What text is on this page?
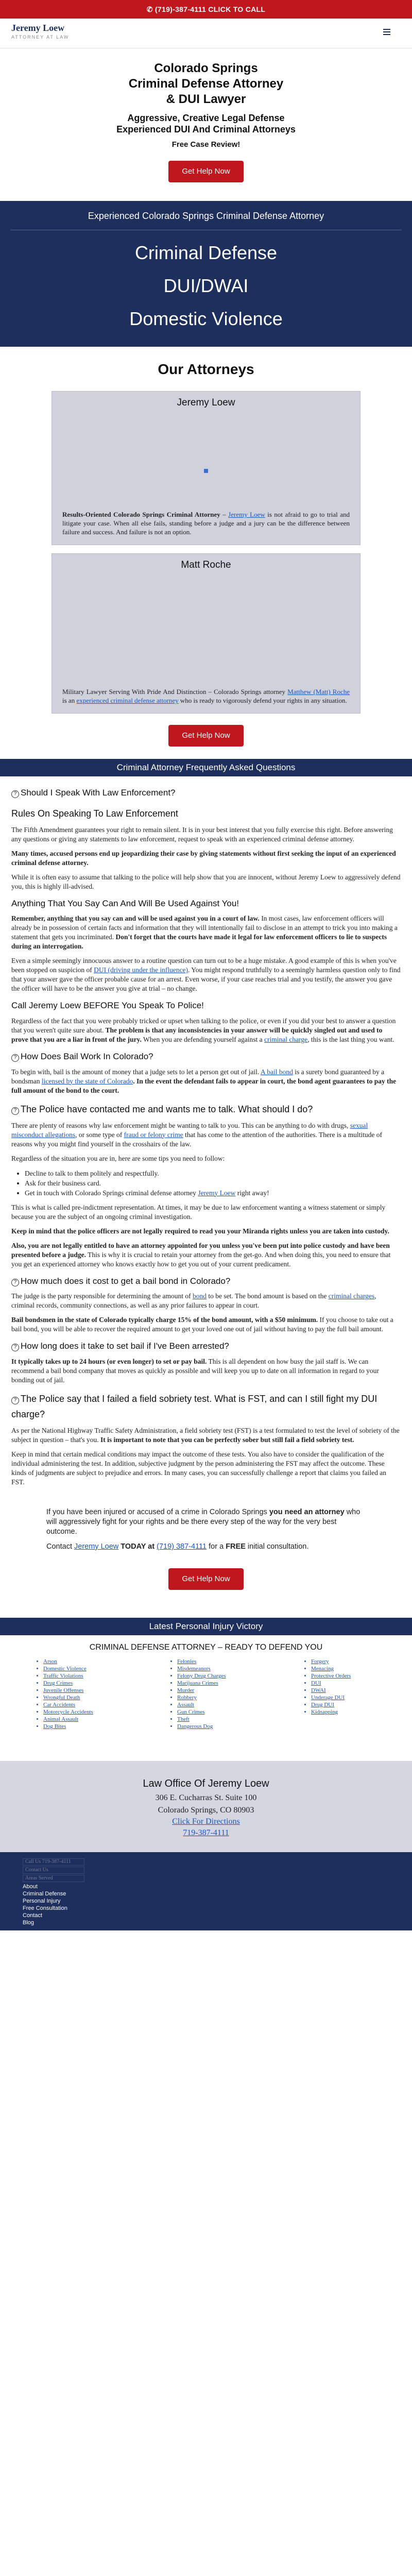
✆ (719)-387-4111 CLICK TO CALL
Jeremy Loew
ATTORNEY AT LAW
Colorado Springs
Criminal Defense Attorney
& DUI Lawyer
Aggressive, Creative Legal Defense
Experienced DUI And Criminal Attorneys
Free Case Review!
Get Help Now
Experienced Colorado Springs Criminal Defense Attorney
Criminal Defense
DUI/DWAI
Domestic Violence
Our Attorneys
Jeremy Loew

Results-Oriented Colorado Springs Criminal Attorney – Jeremy Loew is not afraid to go to trial and litigate your case. When all else fails, standing before a judge and a jury can be the difference between failure and success. And failure is not an option.

Matt Roche

Military Lawyer Serving With Pride And Distinction – Colorado Springs attorney Matthew (Matt) Roche is an experienced criminal defense attorney who is ready to vigorously defend your rights in any situation.

Get Help Now
Criminal Attorney Frequently Asked Questions
? Should I Speak With Law Enforcement?
Rules On Speaking To Law Enforcement

The Fifth Amendment guarantees your right to remain silent. It is in your best interest that you fully exercise this right. Before answering any questions or giving any statements to law enforcement, request to speak with an experienced criminal defense attorney.

Many times, accused persons end up jeopardizing their case by giving statements without first seeking the input of an experienced criminal defense attorney.

While it is often easy to assume that talking to the police will help show that you are innocent, without Jeremy Loew to aggressively defend you, this is highly ill-advised.

Anything That You Say Can And Will Be Used Against You!

Remember, anything that you say can and will be used against you in a court of law. In most cases, law enforcement officers will already be in possession of certain facts and information that they will intentionally fail to disclose in an attempt to trick you into making a statement that gets you incriminated. Don't forget that the courts have made it legal for law enforcement officers to lie to suspects during an interrogation.

Even a simple seemingly innocuous answer to a routine question can turn out to be a huge mistake. A good example of this is when you've been stopped on suspicion of DUI (driving under the influence). You might respond truthfully to a seemingly harmless question only to find that your answer gave the officer probable cause for an arrest. Even worse, if your case reaches trial and you testify, the answer you gave the officer will have to be the answer you give at trial – no change.

Call Jeremy Loew BEFORE You Speak To Police!

Regardless of the fact that you were probably tricked or upset when talking to the police, or even if you did your best to answer a question that you weren't quite sure about. The problem is that any inconsistencies in your answer will be quickly singled out and used to prove that you are a liar in front of the jury. When you are defending yourself against a criminal charge, this is the last thing you want.

? How Does Bail Work In Colorado?

To begin with, bail is the amount of money that a judge sets to let a person get out of jail. A bail bond is a surety bond guaranteed by a bondsman licensed by the state of Colorado. In the event the defendant fails to appear in court, the bond agent guarantees to pay the full amount of the bond to the court.

? The Police have contacted me and wants me to talk. What should I do?

There are plenty of reasons why law enforcement might be wanting to talk to you. This can be anything to do with drugs, sexual misconduct allegations, or some type of fraud or felony crime that has come to the attention of the authorities. There is a multitude of reasons why you might find yourself in the crosshairs of the law.

Regardless of the situation you are in, here are some tips you need to follow:

• Decline to talk to them politely and respectfully.
• Ask for their business card.
• Get in touch with Colorado Springs criminal defense attorney Jeremy Loew right away!

This is what is called pre-indictment representation. At times, it may be due to law enforcement wanting a witness statement or simply because you are the subject of an ongoing criminal investigation.

Keep in mind that the police officers are not legally required to read you your Miranda rights unless you are taken into custody.

Also, you are not legally entitled to have an attorney appointed for you unless you've been put into police custody and have been presented before a judge. This is why it is crucial to retain your attorney from the get-go. And when doing this, you need to ensure that you get an experienced attorney who knows exactly how to get you out of your current predicament.

? How much does it cost to get a bail bond in Colorado?

The judge is the party responsible for determining the amount of bond to be set. The bond amount is based on the criminal charges, criminal records, community connections, as well as any prior failures to appear in court.

Bail bondsmen in the state of Colorado typically charge 15% of the bond amount, with a $50 minimum. If you choose to take out a bail bond, you will be able to recover the required amount to get your loved one out of jail without having to pay the full bail amount.

? How long does it take to set bail if I've Been arrested?

It typically takes up to 24 hours (or even longer) to set or pay bail. This is all dependent on how busy the jail staff is. We can recommend a bail bond company that moves as quickly as possible and will keep you up to date on all information in regard to your bonding out of jail.

? The Police say that I failed a field sobriety test. What is FST, and can I still fight my DUI charge?

As per the National Highway Traffic Safety Administration, a field sobriety test (FST) is a test formulated to test the level of sobriety of the subject in question – that's you. It is important to note that you can be perfectly sober but still fail a field sobriety test.

Keep in mind that certain medical conditions may impact the outcome of these tests. You also have to consider the qualification of the individual administering the test. In addition, subjective judgment by the person administering the FST may affect the outcome. These kinds of judgments are subject to prejudice and errors. In many cases, you can successfully challenge a report that claims you failed an FST.

If you have been injured or accused of a crime in Colorado Springs you need an attorney who will aggressively fight for your rights and be there every step of the way for the very best outcome.

Contact Jeremy Loew TODAY at (719) 387-4111 for a FREE initial consultation.

Get Help Now
Latest Personal Injury Victory
CRIMINAL DEFENSE ATTORNEY – READY TO DEFEND YOU
• Arson
• Domestic Violence
• Traffic Violations
• Drug Crimes
• Juvenile Offenses
• Wrongful Death
• Car Accidents
• Motorcycle Accidents
• Animal Assault
• Dog Bites
• Felonies
• Misdemeanors
• Felony Drug Charges
• Marijuana Crimes
• Murder
• Robbery
• Assault
• Gun Crimes
• Theft
• Dangerous Dog
• Forgery
• Menacing
• Protective Orders
• DUI
• DWAI
• Underage DUI
• Drug DUI
• Kidnapping
Law Office Of Jeremy Loew
306 E. Cucharras St. Suite 100
Colorado Springs, CO 80903
Click For Directions
719-387-4111
Call Us 719-387-4111
Contact Us
Areas Served
About
Criminal Defense
Personal Injury
Free Consultation
Contact
Blog
